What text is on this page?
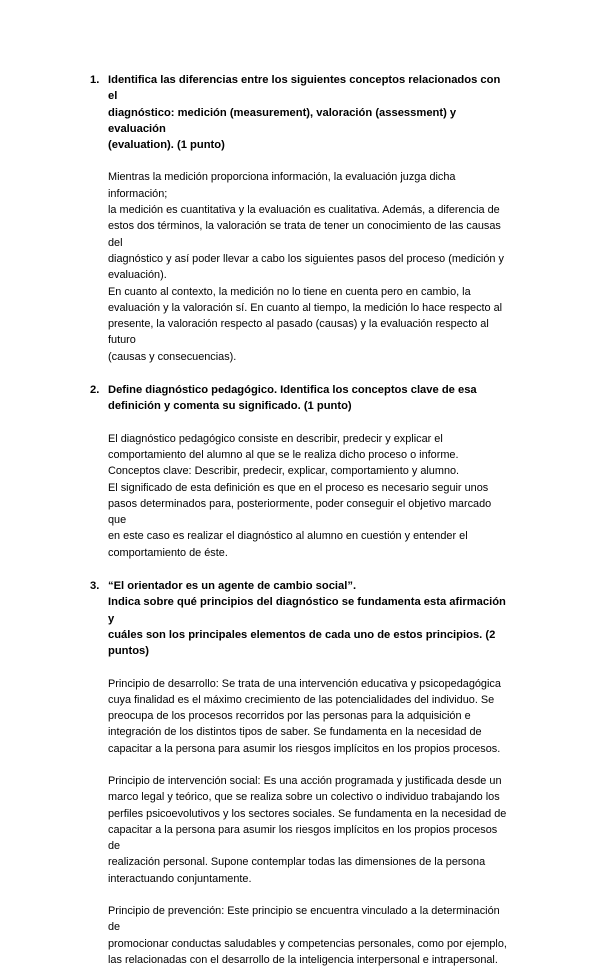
1. Identifica las diferencias entre los siguientes conceptos relacionados con el
diagnóstico: medición (measurement), valoración (assessment) y evaluación
(evaluation). (1 punto)

Mientras la medición proporciona información, la evaluación juzga dicha información;

la medición es cuantitativa y la evaluación es cualitativa. Además, a diferencia de

estos dos términos, la valoración se trata de tener un conocimiento de las causas del

diagnóstico y así poder llevar a cabo los siguientes pasos del proceso (medición y

evaluación).

En cuanto al contexto, la medición no lo tiene en cuenta pero en cambio, la

evaluación y la valoración sí. En cuanto al tiempo, la medición lo hace respecto al

presente, la valoración respecto al pasado (causas) y la evaluación respecto al futuro

(causas y consecuencias).

2. Define diagnóstico pedagógico. Identifica los conceptos clave de esa
definición y comenta su significado. (1 punto)

El diagnóstico pedagógico consiste en describir, predecir y explicar el

comportamiento del alumno al que se le realiza dicho proceso o informe.

Conceptos clave: Describir, predecir, explicar, comportamiento y alumno.

El significado de esta definición es que en el proceso es necesario seguir unos

pasos determinados para, posteriormente, poder conseguir el objetivo marcado que

en este caso es realizar el diagnóstico al alumno en cuestión y entender el

comportamiento de éste.

3. “El orientador es un agente de cambio social”.
Indica sobre qué principios del diagnóstico se fundamenta esta afirmación y
cuáles son los principales elementos de cada uno de estos principios. (2
puntos)

Principio de desarrollo: Se trata de una intervención educativa y psicopedagógica

cuya finalidad es el máximo crecimiento de las potencialidades del individuo. Se

preocupa de los procesos recorridos por las personas para la adquisición e

integración de los distintos tipos de saber. Se fundamenta en la necesidad de

capacitar a la persona para asumir los riesgos implícitos en los propios procesos.

Principio de intervención social: Es una acción programada y justificada desde un

marco legal y teórico, que se realiza sobre un colectivo o individuo trabajando los

perfiles psicoevolutivos y los sectores sociales. Se fundamenta en la necesidad de

capacitar a la persona para asumir los riesgos implícitos en los propios procesos de

realización personal. Supone contemplar todas las dimensiones de la persona

interactuando conjuntamente.

Principio de prevención: Este principio se encuentra vinculado a la determinación de

promocionar conductas saludables y competencias personales, como por ejemplo,

las relacionadas con el desarrollo de la inteligencia interpersonal e intrapersonal.
